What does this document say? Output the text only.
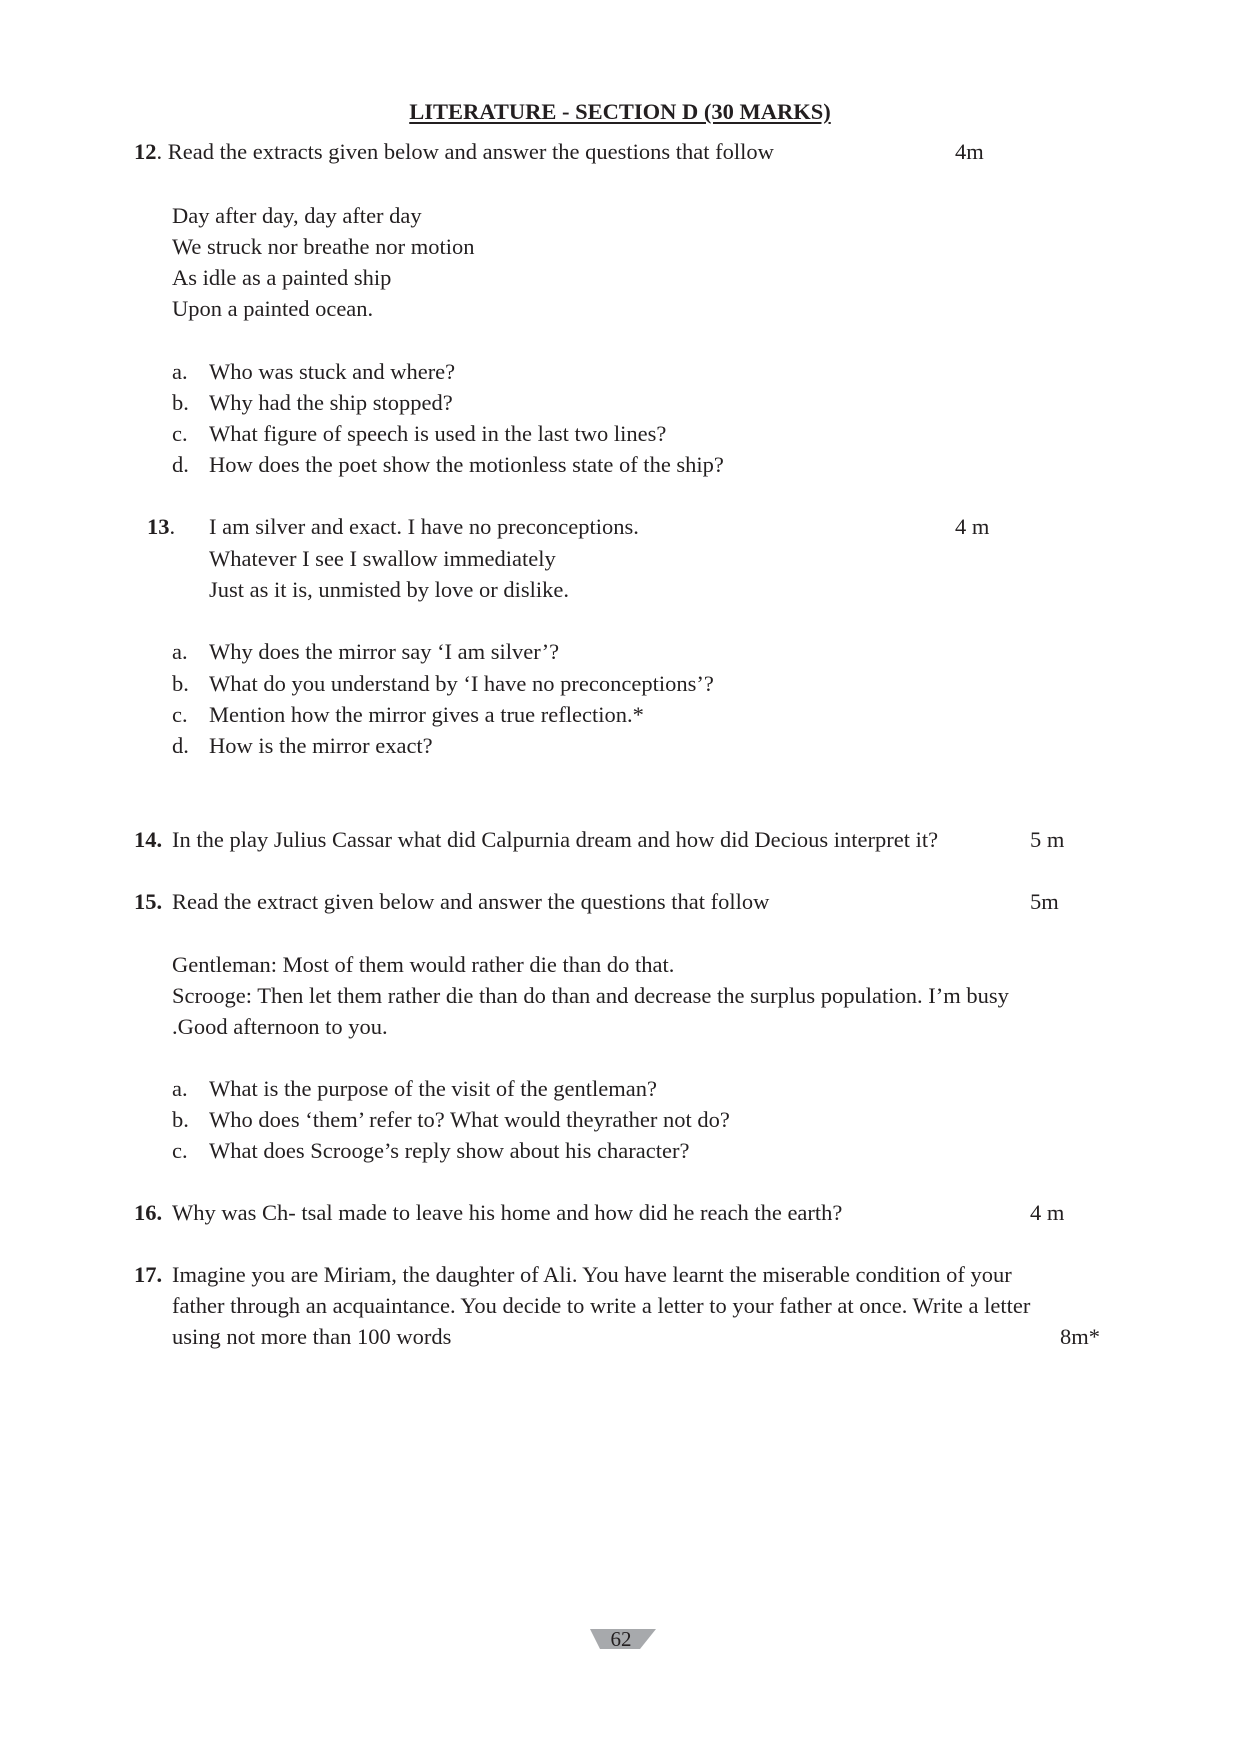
LITERATURE - SECTION D (30 MARKS)
12. Read the extracts given below and answer the questions that follow	4m
Day after day, day after day
We struck nor breathe nor motion
As idle as a painted ship
Upon a painted ocean.
a. Who was stuck and where?
b. Why had the ship stopped?
c. What figure of speech is used in the last two lines?
d. How does the poet show the motionless state of the ship?
13. I am silver and exact. I have no preconceptions.	4 m
Whatever I see I swallow immediately
Just as it is, unmisted by love or dislike.
a. Why does the mirror say ‘I am silver’?
b. What do you understand by ‘I have no preconceptions’?
c. Mention how the mirror gives a true reflection.*
d. How is the mirror exact?
14. In the play Julius Cassar what did Calpurnia dream and how did Decious interpret it?	5 m
15. Read the extract given below and answer the questions that follow	5m
Gentleman: Most of them would rather die than do that.
Scrooge: Then let them rather die than do than and decrease the surplus population. I’m busy
.Good afternoon to you.
a. What is the purpose of the visit of the gentleman?
b. Who does ‘them’ refer to? What would theyrather not do?
c. What does Scrooge’s reply show about his character?
16. Why was Ch- tsal made to leave his home and how did he reach the earth?	4 m
17. Imagine you are Miriam, the daughter of Ali. You have learnt the miserable condition of your
father through an acquaintance. You decide to write a letter to your father at once. Write a letter
using not more than 100 words	8m*
62
